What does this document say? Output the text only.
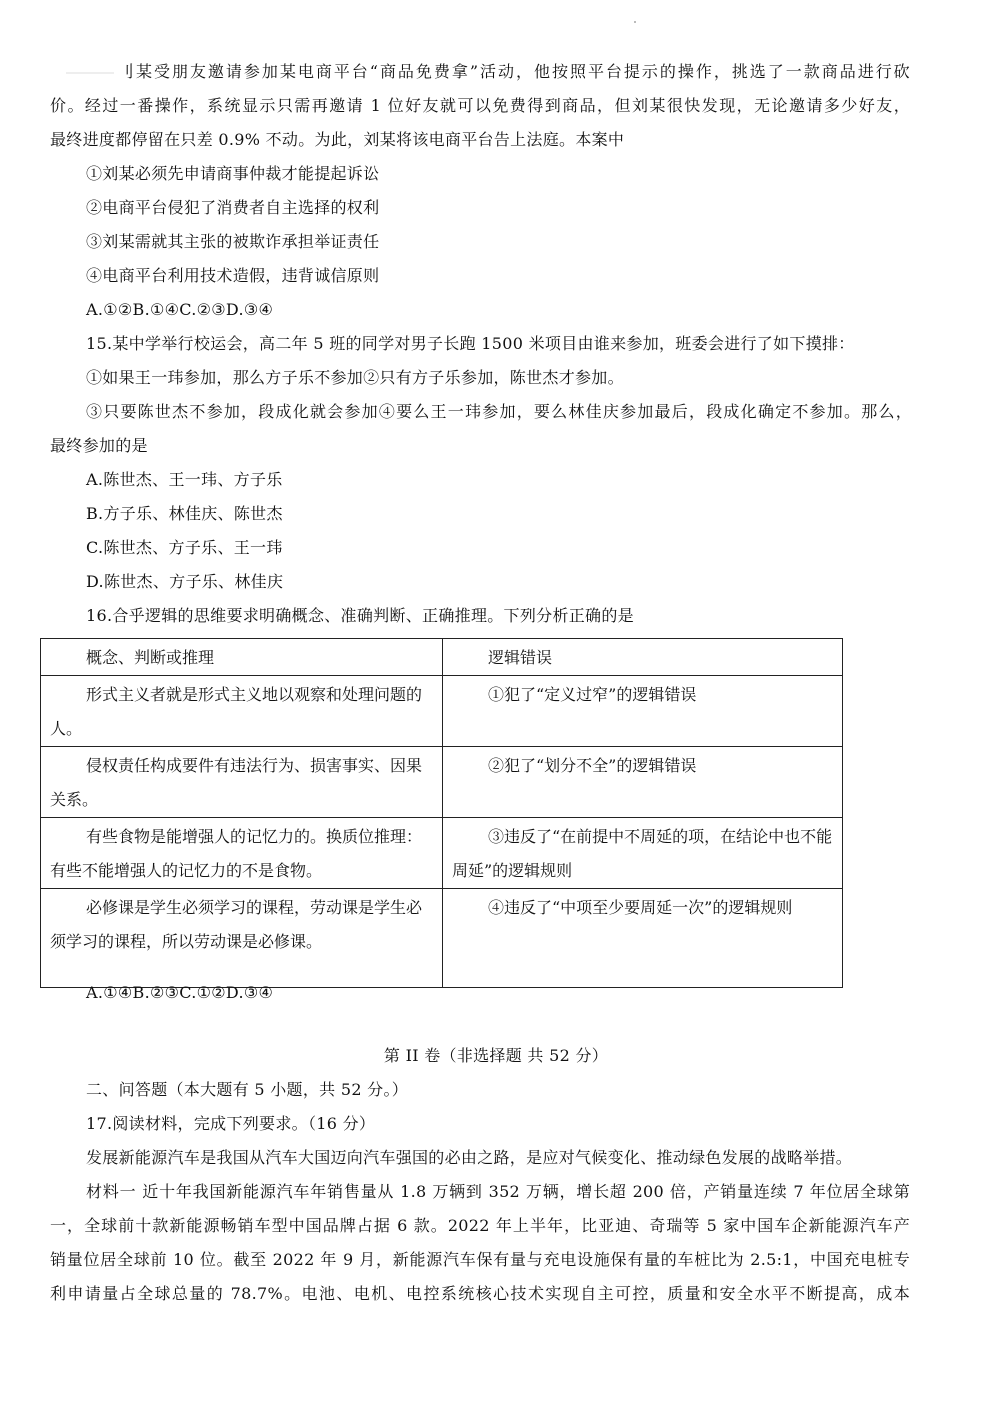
刂某受朋友邀请参加某电商平台“商品免费拿”活动，他按照平台提示的操作，挑选了一款商品进行砍
价。经过一番操作，系统显示只需再邀请 1 位好友就可以免费得到商品，但刘某很快发现，无论邀请多少好友，
最终进度都停留在只差 0.9% 不动。为此，刘某将该电商平台告上法庭。本案中
①刘某必须先申请商事仲裁才能提起诉讼
②电商平台侵犯了消费者自主选择的权利
③刘某需就其主张的被欺诈承担举证责任
④电商平台利用技术造假，违背诚信原则
A.①②B.①④C.②③D.③④
15.某中学举行校运会，高二年 5 班的同学对男子长跑 1500 米项目由谁来参加，班委会进行了如下摸排：
①如果王一玮参加，那么方子乐不参加②只有方子乐参加，陈世杰才参加。
③只要陈世杰不参加，段成化就会参加④要么王一玮参加，要么林佳庆参加最后，段成化确定不参加。那么，
最终参加的是
A.陈世杰、王一玮、方子乐
B.方子乐、林佳庆、陈世杰
C.陈世杰、方子乐、王一玮
D.陈世杰、方子乐、林佳庆
16.合乎逻辑的思维要求明确概念、准确判断、正确推理。下列分析正确的是
概念、判断或推理	逻辑错误

形式主义者就是形式主义地以观察和处理问题的人。	①犯了“定义过窄”的逻辑错误

侵权责任构成要件有违法行为、损害事实、因果关系。	②犯了“划分不全”的逻辑错误

有些食物是能增强人的记忆力的。换质位推理：有些不能增强人的记忆力的不是食物。	③违反了“在前提中不周延的项，在结论中也不能周延”的逻辑规则

必修课是学生必须学习的课程，劳动课是学生必须学习的课程，所以劳动课是必修课。	④违反了“中项至少要周延一次”的逻辑规则
A.①④B.②③C.①②D.③④
第 II 卷（非选择题 共 52 分）
二、问答题（本大题有 5 小题，共 52 分。）
17.阅读材料，完成下列要求。（16 分）
发展新能源汽车是我国从汽车大国迈向汽车强国的必由之路，是应对气候变化、推动绿色发展的战略举措。
材料一 近十年我国新能源汽车年销售量从 1.8 万辆到 352 万辆，增长超 200 倍，产销量连续 7 年位居全球第
一，全球前十款新能源畅销车型中国品牌占据 6 款。2022 年上半年，比亚迪、奇瑞等 5 家中国车企新能源汽车产
销量位居全球前 10 位。截至 2022 年 9 月，新能源汽车保有量与充电设施保有量的车桩比为 2.5:1，中国充电桩专
利申请量占全球总量的 78.7%。电池、电机、电控系统核心技术实现自主可控，质量和安全水平不断提高，成本
